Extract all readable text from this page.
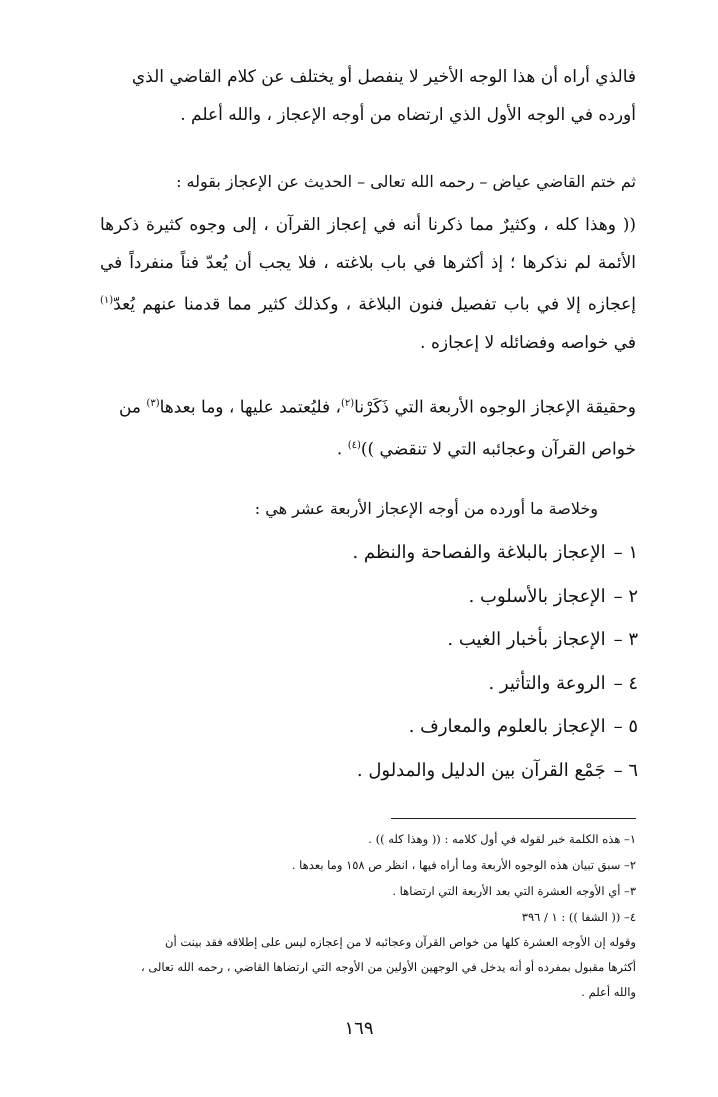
فالذي أراه أن هذا الوجه الأخير لا ينفصل أو يختلف عن كلام القاضي الذي أورده في الوجه الأول الذي ارتضاه من أوجه الإعجاز ، والله أعلم .

ثم ختم القاضي عياض – رحمه الله تعالى – الحديث عن الإعجاز بقوله :

(( وهذا كله ، وكثيرٌ مما ذكرنا أنه في إعجاز القرآن ، إلى وجوه كثيرة ذكرها الأئمة لم نذكرها ؛ إذ أكثرها في باب بلاغته ، فلا يجب أن يُعدّ فناً منفرداً في إعجازه إلا في باب تفصيل فنون البلاغة ، وكذلك كثير مما قدمنا عنهم يُعدّ$^{(١)}$ في خواصه وفضائله لا إعجازه .

وحقيقة الإعجاز الوجوه الأربعة التي ذَكَرْنا$^{(٢)}$، فليُعتمد عليها ، وما بعدها$^{(٣)}$ من خواص القرآن وعجائبه التي لا تنقضي ))$^{(٤)}$ .

وخلاصة ما أورده من أوجه الإعجاز الأربعة عشر هي :

١ –الإعجاز بالبلاغة والفصاحة والنظم .
٢ –الإعجاز بالأسلوب .
٣ –الإعجاز بأخبار الغيب .
٤ –الروعة والتأثير .
٥ –الإعجاز بالعلوم والمعارف .
٦ –جَمْع القرآن بين الدليل والمدلول .

١– هذه الكلمة خبر لقوله في أول كلامه : (( وهذا كله )) .

٢– سبق تبيان هذه الوجوه الأربعة وما أراه فيها ، انظر ص ١٥٨ وما بعدها .

٣– أي الأوجه العشرة التي بعد الأربعة التي ارتضاها .

٤– (( الشفا )) : ١ / ٣٩٦

وقوله إن الأوجه العشرة كلها من خواص القرآن وعجائبه لا من إعجازه ليس على إطلاقه فقد بينت أن

أكثرها مقبول بمفرده أو أنه يدخل في الوجهين الأولين من الأوجه التي ارتضاها القاضي ، رحمه الله تعالى ،

والله أعلم .

١٦٩
